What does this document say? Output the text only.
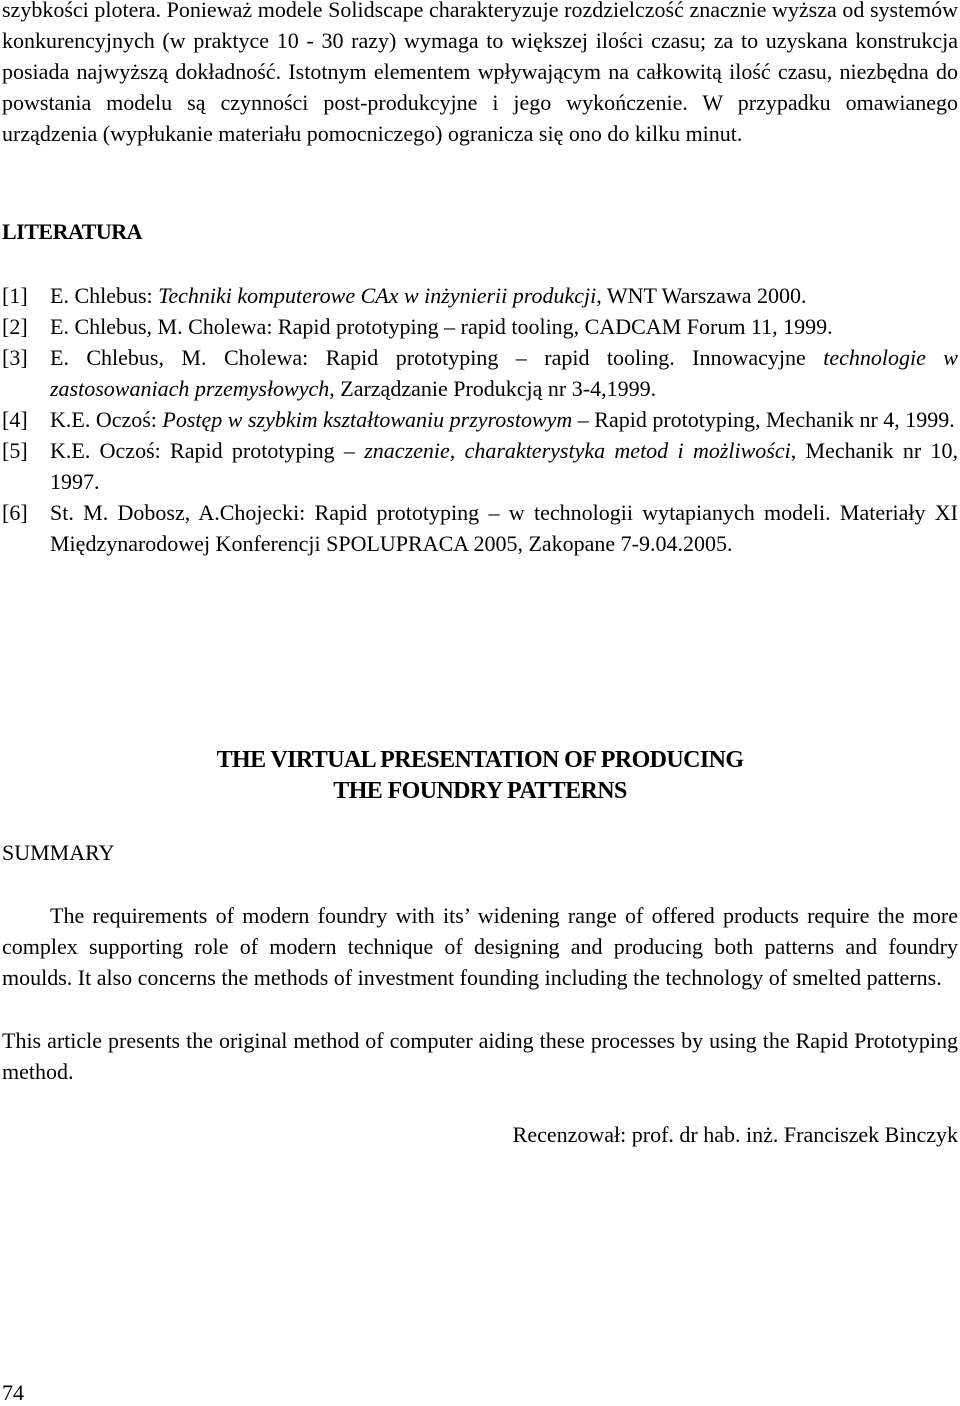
szybkości plotera. Ponieważ modele Solidscape charakteryzuje rozdzielczość znacznie wyższa od systemów konkurencyjnych (w praktyce 10 - 30 razy) wymaga to większej ilości czasu; za to uzyskana konstrukcja posiada najwyższą dokładność. Istotnym elementem wpływającym na całkowitą ilość czasu, niezbędna do powstania modelu są czynności post-produkcyjne i jego wykończenie. W przypadku omawianego urządzenia (wypłukanie materiału pomocniczego) ogranicza się ono do kilku minut.

LITERATURA
[1] E. Chlebus: Techniki komputerowe CAx w inżynierii produkcji, WNT Warszawa 2000.
[2] E. Chlebus, M. Cholewa: Rapid prototyping – rapid tooling, CADCAM Forum 11, 1999.
[3] E. Chlebus, M. Cholewa: Rapid prototyping – rapid tooling. Innowacyjne technologie w zastosowaniach przemysłowych, Zarządzanie Produkcją nr 3-4,1999.
[4] K.E. Oczoś: Postęp w szybkim kształtowaniu przyrostowym – Rapid prototyping, Mechanik nr 4, 1999.
[5] K.E. Oczoś: Rapid prototyping – znaczenie, charakterystyka metod i możliwości, Mechanik nr 10, 1997.
[6] St. M. Dobosz, A.Chojecki: Rapid prototyping – w technologii wytapianych modeli. Materiały XI Międzynarodowej Konferencji SPOLUPRACA 2005, Zakopane 7-9.04.2005.
THE VIRTUAL PRESENTATION OF PRODUCING
THE FOUNDRY PATTERNS

SUMMARY

The requirements of modern foundry with its’ widening range of offered products require the more complex supporting role of modern technique of designing and producing both patterns and foundry moulds. It also concerns the methods of investment founding including the technology of smelted patterns.

This article presents the original method of computer aiding these processes by using the Rapid Prototyping method.

Recenzował: prof. dr hab. inż. Franciszek Binczyk

74
